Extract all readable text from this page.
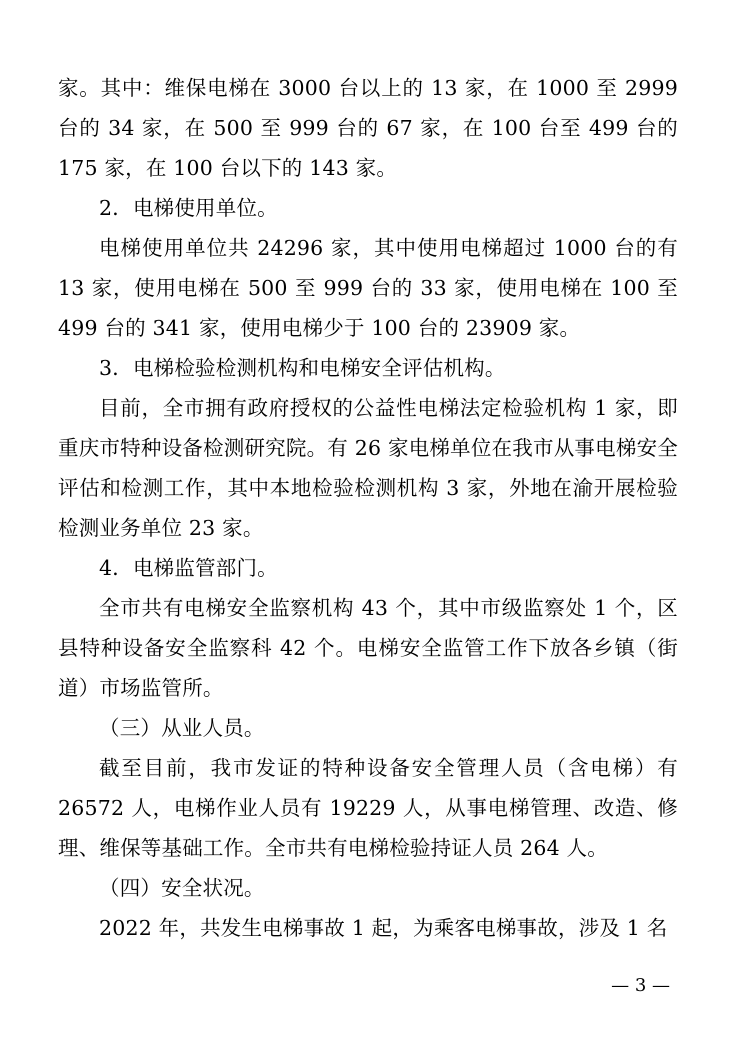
家。其中：维保电梯在 3000 台以上的 13 家，在 1000 至 2999 台的 34 家，在 500 至 999 台的 67 家，在 100 台至 499 台的 175 家，在 100 台以下的 143 家。

2．电梯使用单位。

电梯使用单位共 24296 家，其中使用电梯超过 1000 台的有 13 家，使用电梯在 500 至 999 台的 33 家，使用电梯在 100 至 499 台的 341 家，使用电梯少于 100 台的 23909 家。

3．电梯检验检测机构和电梯安全评估机构。

目前，全市拥有政府授权的公益性电梯法定检验机构 1 家，即重庆市特种设备检测研究院。有 26 家电梯单位在我市从事电梯安全评估和检测工作，其中本地检验检测机构 3 家，外地在渝开展检验检测业务单位 23 家。

4．电梯监管部门。

全市共有电梯安全监察机构 43 个，其中市级监察处 1 个，区县特种设备安全监察科 42 个。电梯安全监管工作下放各乡镇（街道）市场监管所。

（三）从业人员。

截至目前，我市发证的特种设备安全管理人员（含电梯）有 26572 人，电梯作业人员有 19229 人，从事电梯管理、改造、修理、维保等基础工作。全市共有电梯检验持证人员 264 人。

（四）安全状况。

2022 年，共发生电梯事故 1 起，为乘客电梯事故，涉及 1 名

— 3 —
